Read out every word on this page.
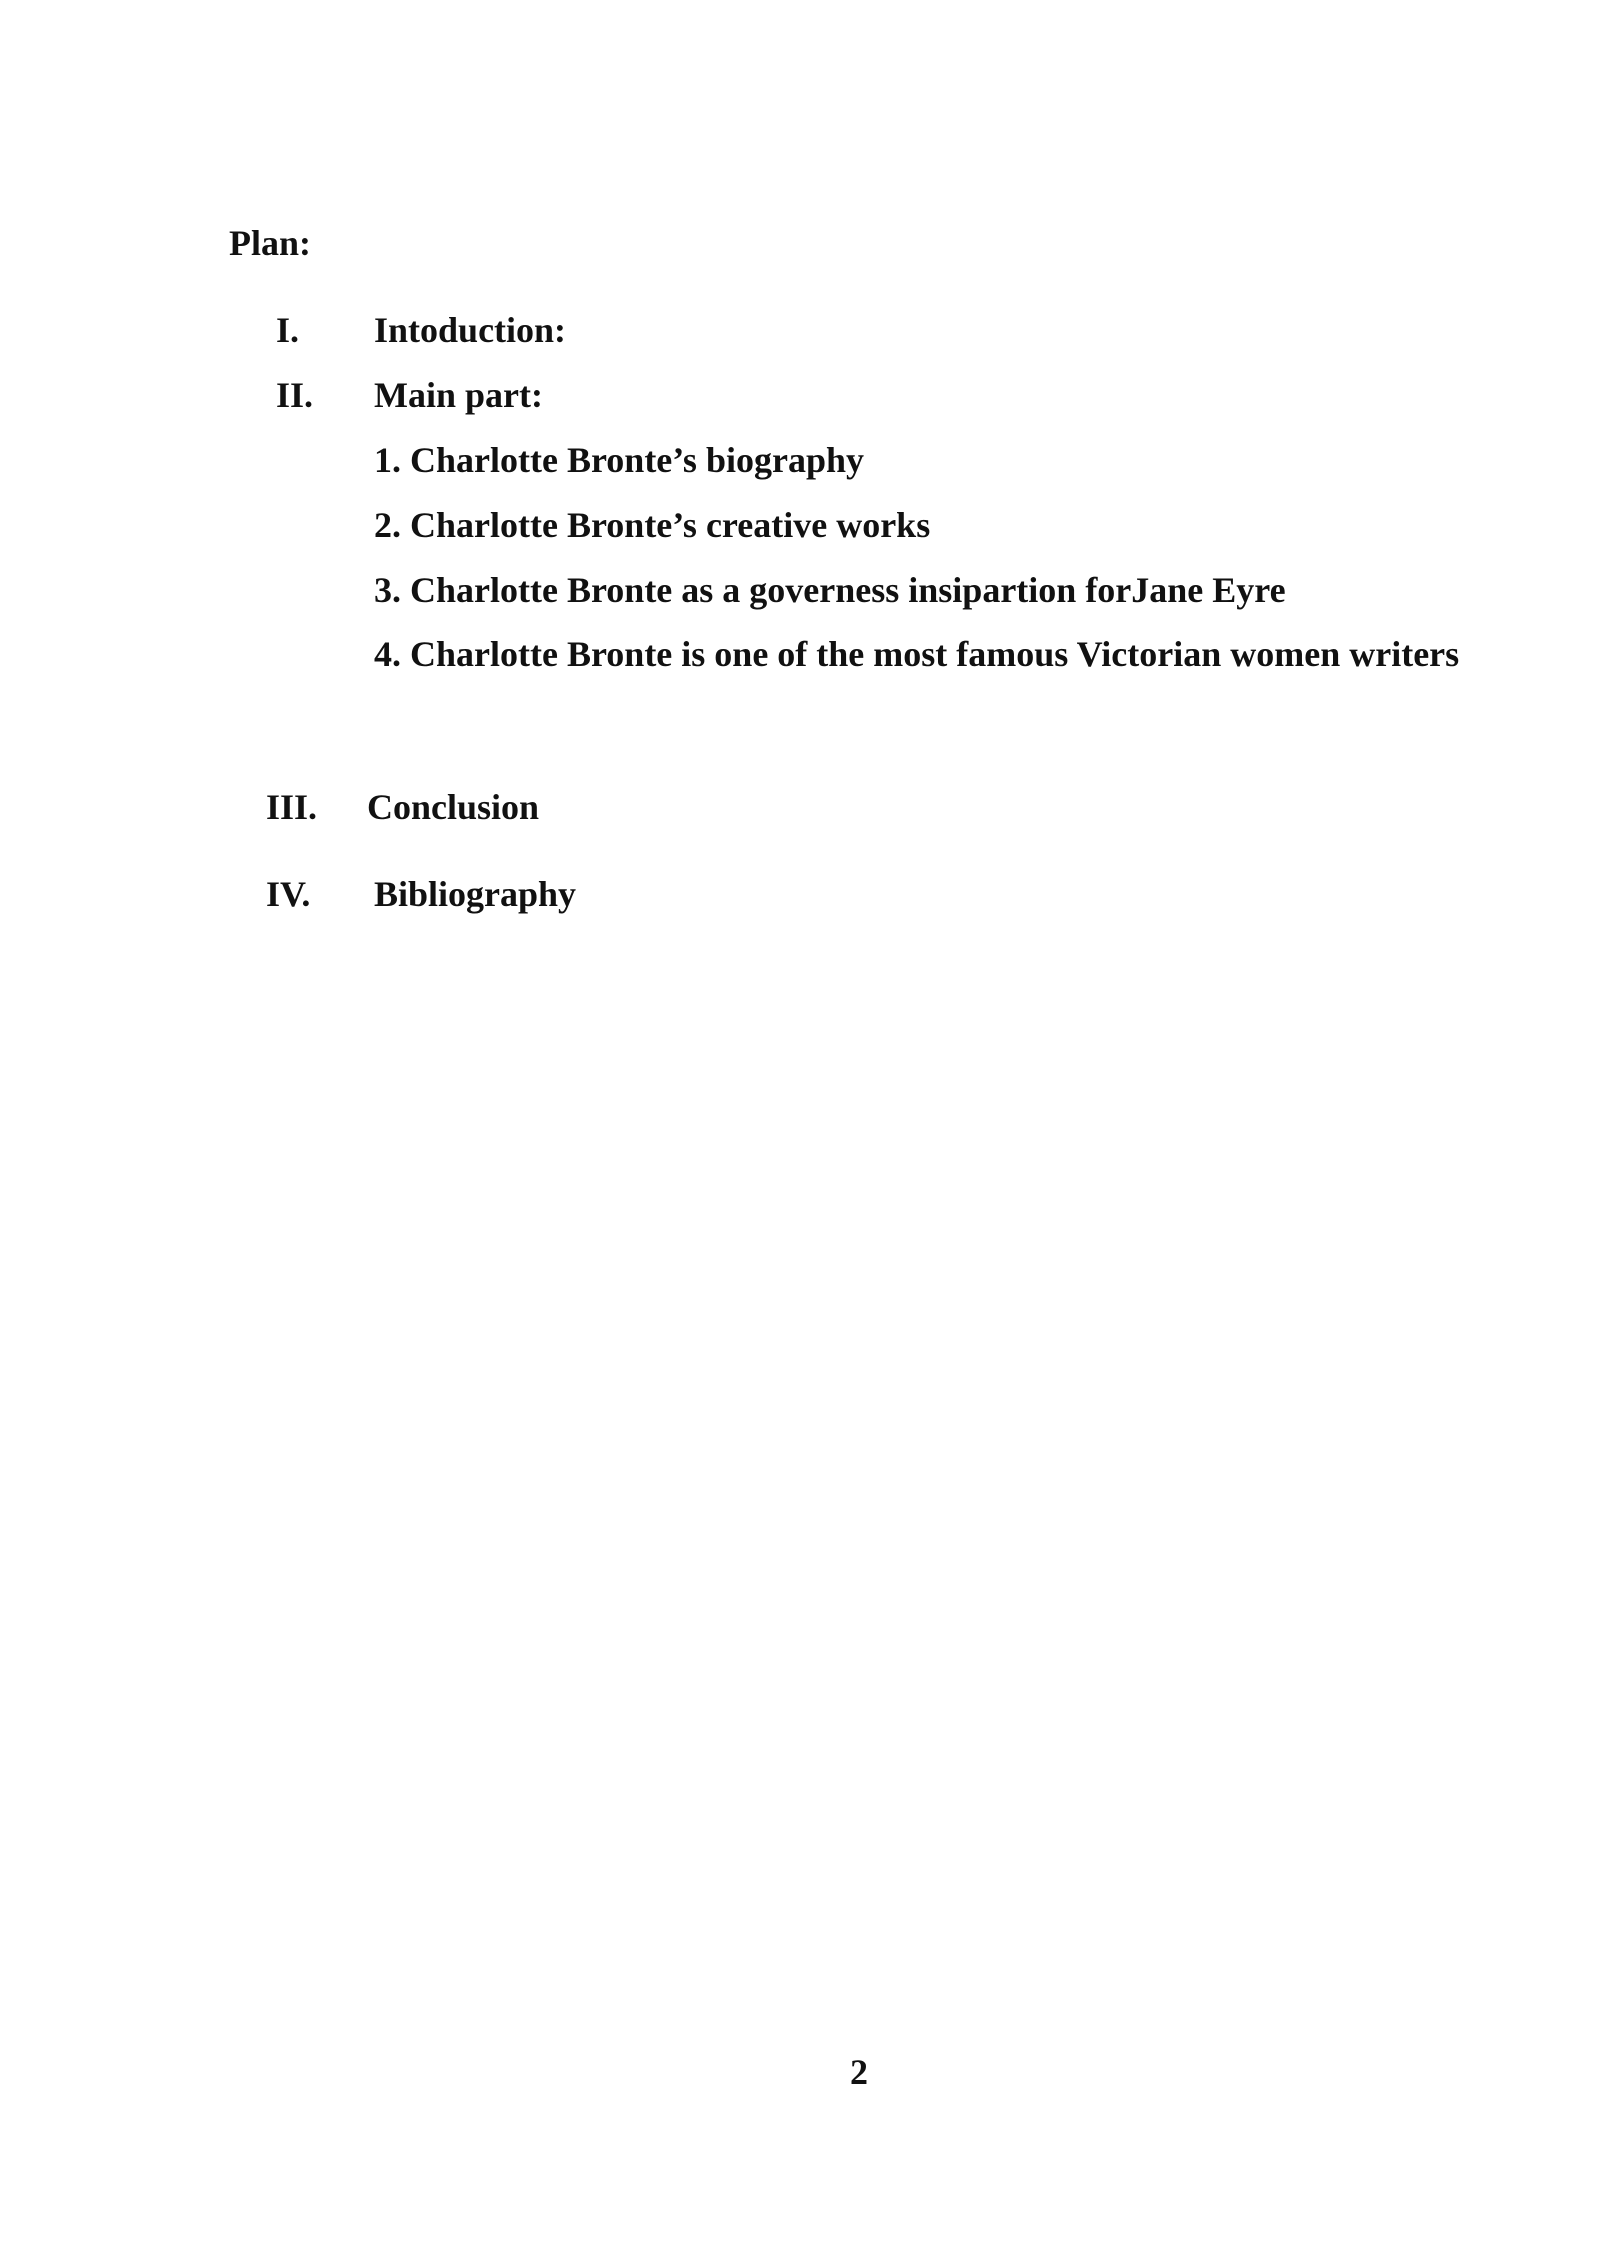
Plan:
I. Intoduction:
II. Main part:
1. Charlotte Bronte’s biography
2. Charlotte Bronte’s creative works
3. Charlotte Bronte as a governess insipartion forJane Eyre
4. Charlotte Bronte is one of the most famous Victorian women writers
III. Conclusion
IV. Bibliography
2
